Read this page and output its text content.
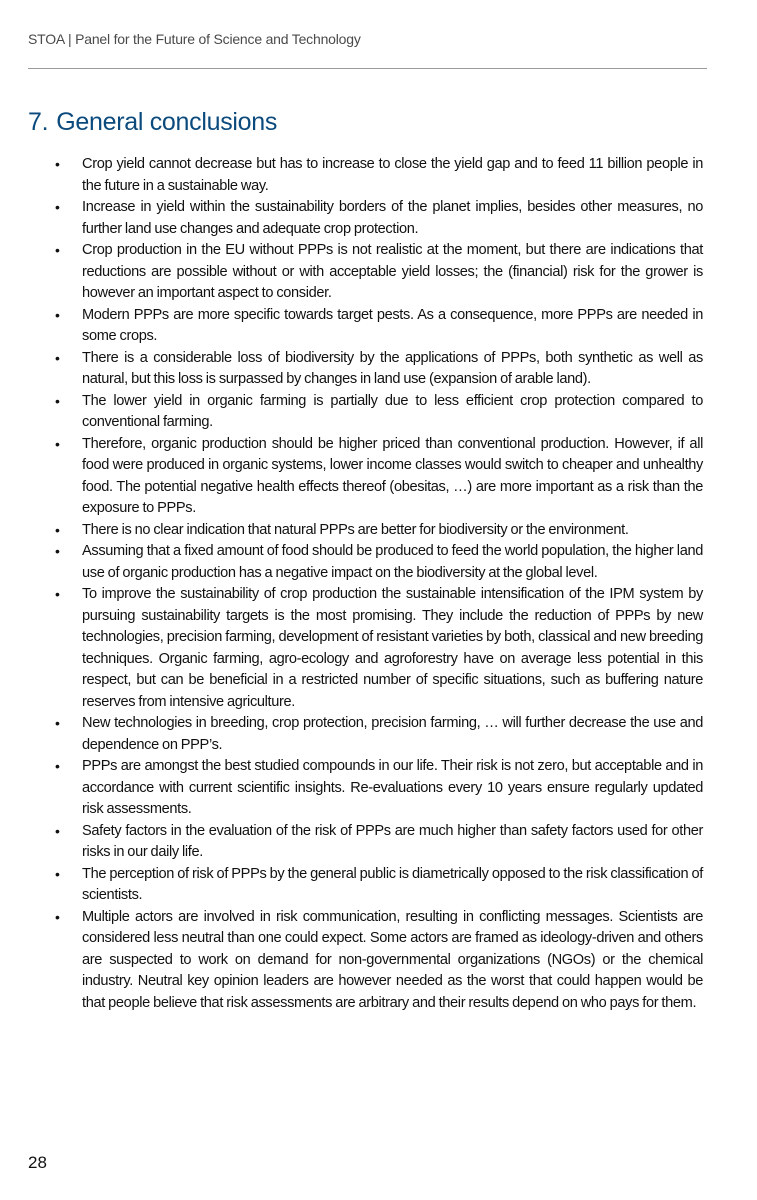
STOA | Panel for the Future of Science and Technology
7. General conclusions
• Crop yield cannot decrease but has to increase to close the yield gap and to feed 11 billion people in the future in a sustainable way.
• Increase in yield within the sustainability borders of the planet implies, besides other measures, no further land use changes and adequate crop protection.
• Crop production in the EU without PPPs is not realistic at the moment, but there are indications that reductions are possible without or with acceptable yield losses; the (financial) risk for the grower is however an important aspect to consider.
• Modern PPPs are more specific towards target pests. As a consequence, more PPPs are needed in some crops.
• There is a considerable loss of biodiversity by the applications of PPPs, both synthetic as well as natural, but this loss is surpassed by changes in land use (expansion of arable land).
• The lower yield in organic farming is partially due to less efficient crop protection compared to conventional farming.
• Therefore, organic production should be higher priced than conventional production. However, if all food were produced in organic systems, lower income classes would switch to cheaper and unhealthy food. The potential negative health effects thereof (obesitas, …) are more important as a risk than the exposure to PPPs.
• There is no clear indication that natural PPPs are better for biodiversity or the environment.
• Assuming that a fixed amount of food should be produced to feed the world population, the higher land use of organic production has a negative impact on the biodiversity at the global level.
• To improve the sustainability of crop production the sustainable intensification of the IPM system by pursuing sustainability targets is the most promising. They include the reduction of PPPs by new technologies, precision farming, development of resistant varieties by both, classical and new breeding techniques. Organic farming, agro-ecology and agroforestry have on average less potential in this respect, but can be beneficial in a restricted number of specific situations, such as buffering nature reserves from intensive agriculture.
• New technologies in breeding, crop protection, precision farming, … will further decrease the use and dependence on PPP’s.
• PPPs are amongst the best studied compounds in our life. Their risk is not zero, but acceptable and in accordance with current scientific insights. Re-evaluations every 10 years ensure regularly updated risk assessments.
• Safety factors in the evaluation of the risk of PPPs are much higher than safety factors used for other risks in our daily life.
• The perception of risk of PPPs by the general public is diametrically opposed to the risk classification of scientists.
• Multiple actors are involved in risk communication, resulting in conflicting messages. Scientists are considered less neutral than one could expect. Some actors are framed as ideology-driven and others are suspected to work on demand for non-governmental organizations (NGOs) or the chemical industry. Neutral key opinion leaders are however needed as the worst that could happen would be that people believe that risk assessments are arbitrary and their results depend on who pays for them.
28
